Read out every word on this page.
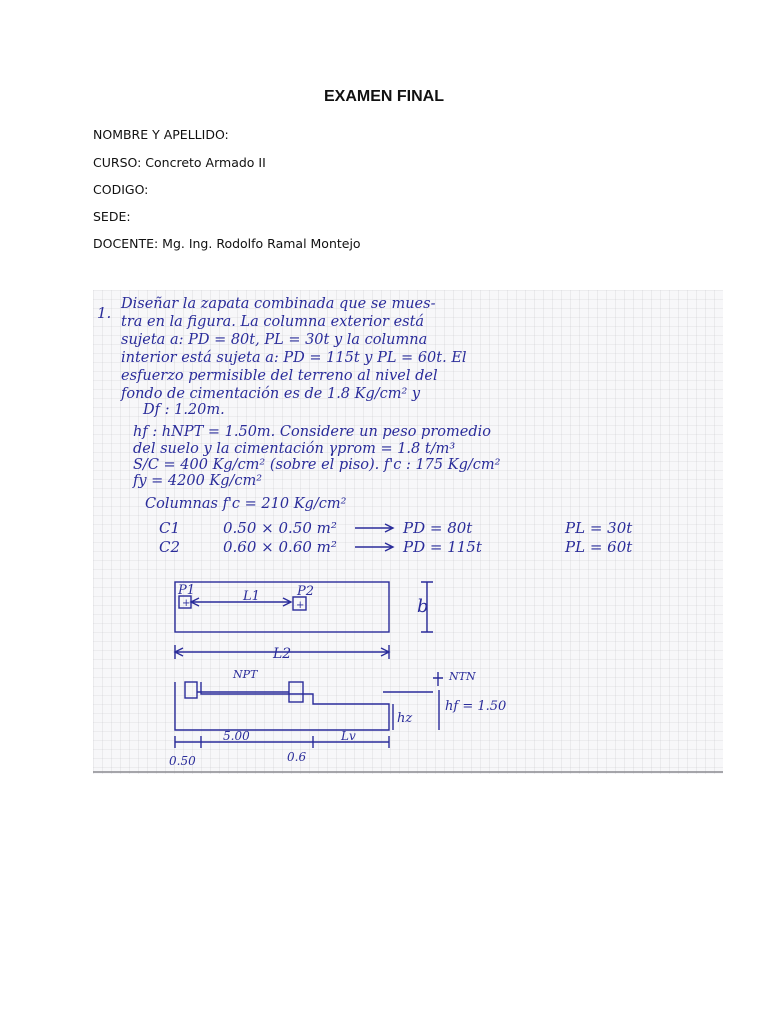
EXAMEN FINAL
NOMBRE Y APELLIDO:
CURSO: Concreto Armado II
CODIGO:
SEDE:
DOCENTE: Mg. Ing. Rodolfo Ramal Montejo
1. Diseñar la zapata combinada que se mues-
tra en la figura. La columna exterior está
sujeta a: PD = 80t, PL = 30t y la columna
interior está sujeta a: PD = 115t y PL = 60t. El
esfuerzo permisible del terreno al nivel del
fondo de cimentación es de 1.8 Kg/cm² y
Df : 1.20m.
hf : hNPT = 1.50m. Considere un peso promedio
del suelo y la cimentación γprom = 1.8 t/m³
S/C = 400 Kg/cm² (sobre el piso). f'c : 175 Kg/cm²
fy = 4200 Kg/cm²
Columnas f'c = 210 Kg/cm²
C1	0.50 × 0.50 m²	PD = 80t	PL = 30t
C2	0.60 × 0.60 m²	PD = 115t	PL = 60t
+	+
P1	P2
L1	b
L2
NPT	NTN
hz
hf = 1.50
0.50
5.00
0.6
Lv
